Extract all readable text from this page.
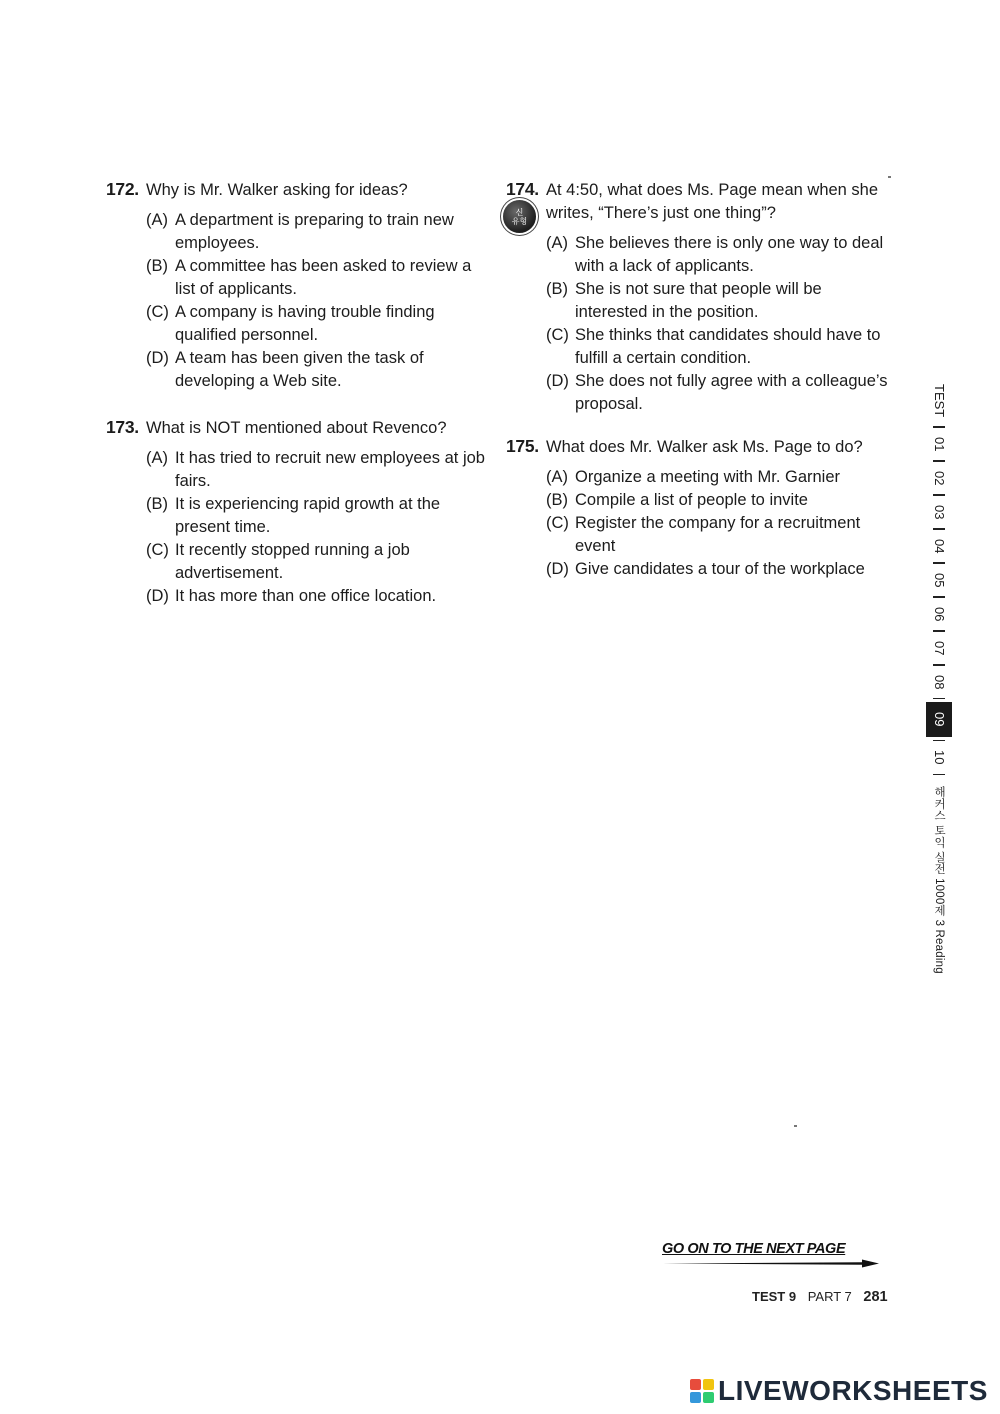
172. Why is Mr. Walker asking for ideas?
(A) A department is preparing to train new employees.
(B) A committee has been asked to review a list of applicants.
(C) A company is having trouble finding qualified personnel.
(D) A team has been given the task of developing a Web site.
173. What is NOT mentioned about Revenco?
(A) It has tried to recruit new employees at job fairs.
(B) It is experiencing rapid growth at the present time.
(C) It recently stopped running a job advertisement.
(D) It has more than one office location.
신
유형
174. At 4:50, what does Ms. Page mean when she writes, “There’s just one thing”?
(A) She believes there is only one way to deal with a lack of applicants.
(B) She is not sure that people will be interested in the position.
(C) She thinks that candidates should have to fulfill a certain condition.
(D) She does not fully agree with a colleague’s proposal.
175. What does Mr. Walker ask Ms. Page to do?
(A) Organize a meeting with Mr. Garnier
(B) Compile a list of people to invite
(C) Register the company for a recruitment event
(D) Give candidates a tour of the workplace
TEST
01
02
03
04
05
06
07
08
09
10
해커스 토익 실전 1000제 3 Reading
GO ON TO THE NEXT PAGE
TEST 9 PART 7 281
LIVEWORKSHEETS
